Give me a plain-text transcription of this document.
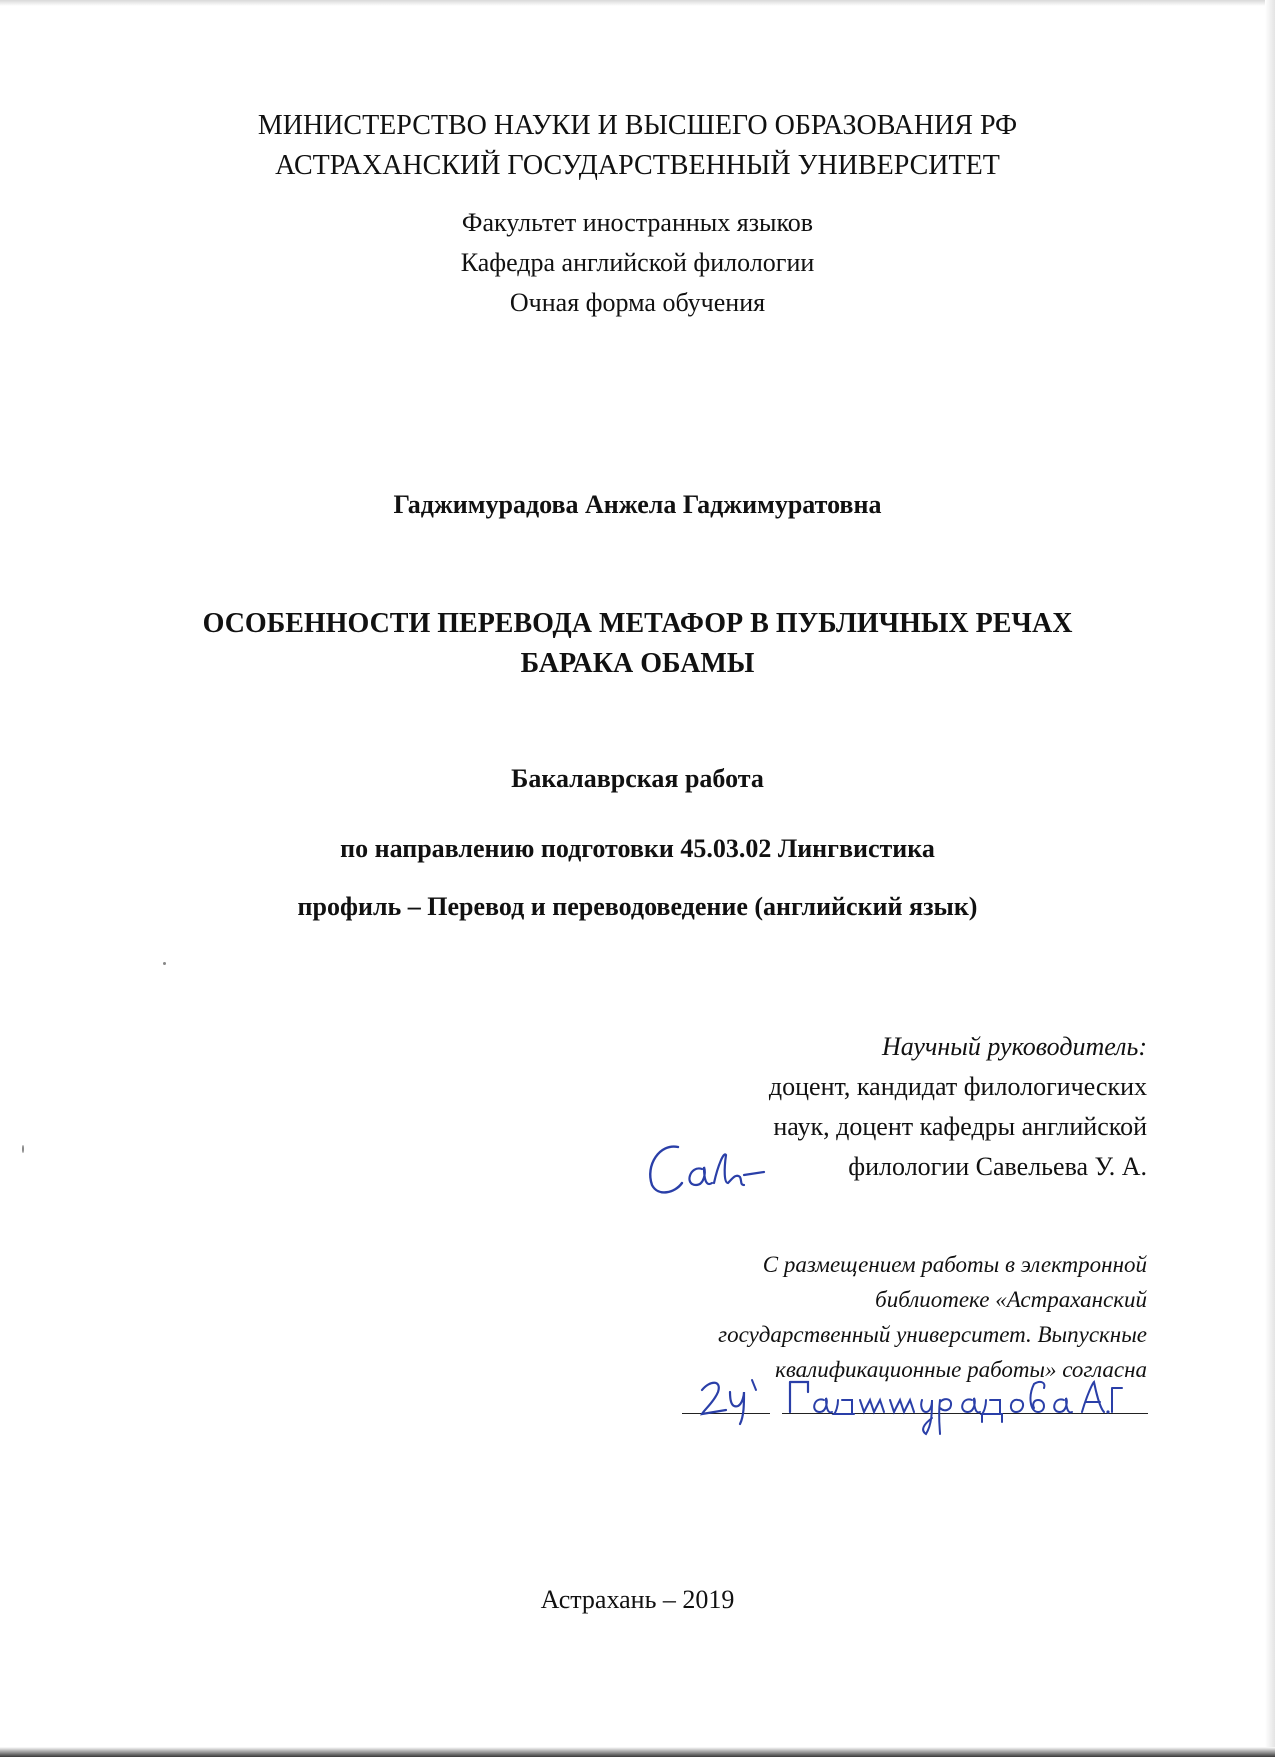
МИНИСТЕРСТВО НАУКИ И ВЫСШЕГО ОБРАЗОВАНИЯ РФ
АСТРАХАНСКИЙ ГОСУДАРСТВЕННЫЙ УНИВЕРСИТЕТ
Факультет иностранных языков
Кафедра английской филологии
Очная форма обучения
Гаджимурадова Анжела Гаджимуратовна
ОСОБЕННОСТИ ПЕРЕВОДА МЕТАФОР В ПУБЛИЧНЫХ РЕЧАХ
БАРАКА ОБАМЫ
Бакалаврская работа
по направлению подготовки 45.03.02 Лингвистика
профиль – Перевод и переводоведение (английский язык)
Научный руководитель:
доцент, кандидат филологических
наук, доцент кафедры английской
филологии Савельева У. А.
С размещением работы в электронной
библиотеке «Астраханский
государственный университет. Выпускные
квалификационные работы» согласна
Астрахань – 2019
